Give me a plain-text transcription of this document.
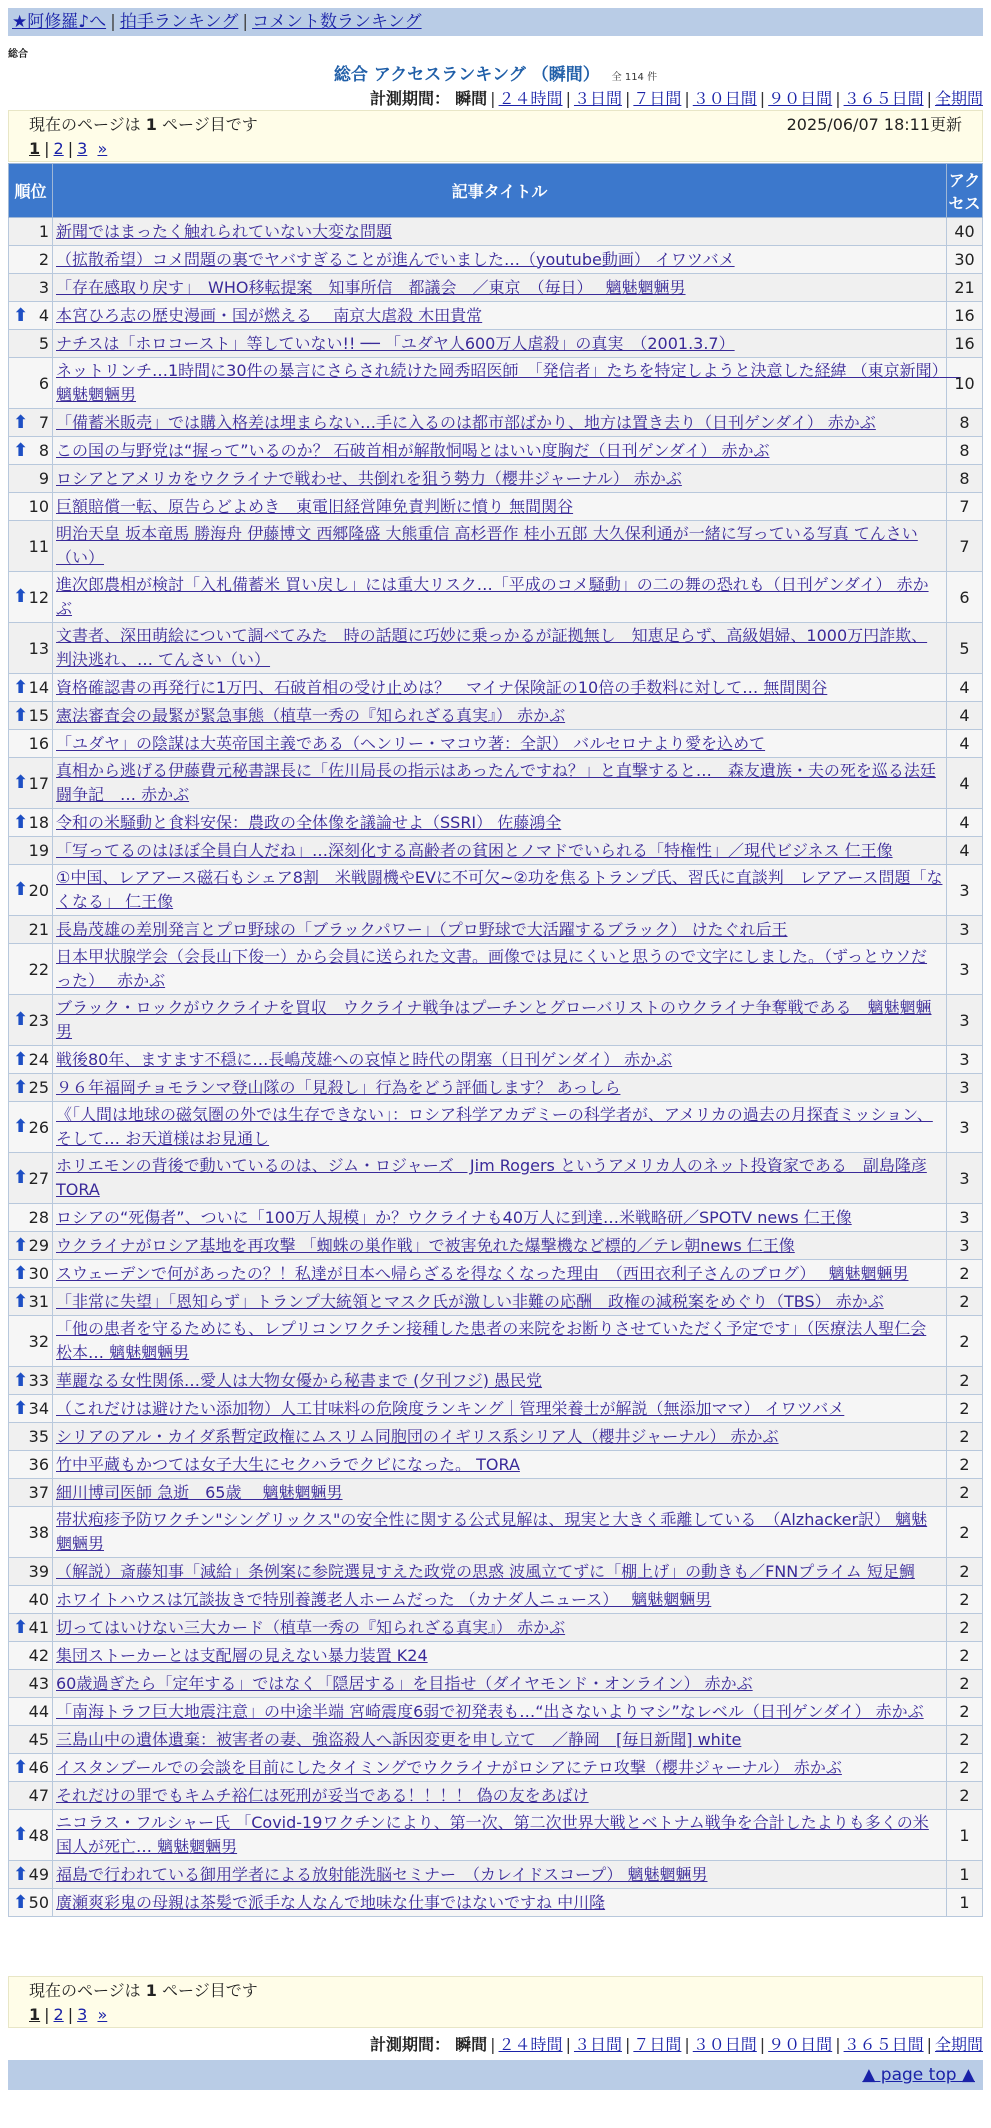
★阿修羅♪へ | 拍手ランキング | コメント数ランキング
総合
総合 アクセスランキング （瞬間） 全 114 件
計測期間： 瞬間 | ２４時間 | ３日間 | ７日間 | ３０日間 | ９０日間 | ３６５日間 | 全期間
現在のページは 1 ページ目です	2025/06/07 18:11更新
1 | 2 | 3 »
順位	記事タイトル	アクセス
1	新聞ではまったく触れられていない大変な問題	40
2	（拡散希望）コメ問題の裏でヤバすぎることが進んでいました…（youtube動画） イワツバメ	30
3	「存在感取り戻す」　WHO移転提案　知事所信　都議会　／東京　（毎日）　 魑魅魍魎男	21

⬆ 4	本宮ひろ志の歴史漫画・国が燃える　 南京大虐殺 木田貴常	16
5	ナチスは「ホロコースト」等していない!! ── 「ユダヤ人600万人虐殺」の真実　（2001.3.7）	16
6	ネットリンチ…1時間に30件の暴言にさらされ続けた岡秀昭医師　「発信者」たちを特定しようと決意した経緯 （東京新聞）　 魑魅魍魎男	10

⬆ 7	「備蓄米販売」では購入格差は埋まらない…手に入るのは都市部ばかり、地方は置き去り（日刊ゲンダイ） 赤かぶ	8

⬆ 8	この国の与野党は“握って”いるのか？ 石破首相が解散恫喝とはいい度胸だ（日刊ゲンダイ） 赤かぶ	8
9	ロシアとアメリカをウクライナで戦わせ、共倒れを狙う勢力（櫻井ジャーナル） 赤かぶ	8
10	巨額賠償一転、原告らどよめき　東電旧経営陣免責判断に憤り 無間関谷	7
11	明治天皇 坂本竜馬 勝海舟 伊藤博文 西郷隆盛 大熊重信 高杉晋作 桂小五郎 大久保利通が一緒に写っている写真 てんさい（い）	7

⬆ 12	進次郎農相が検討「入札備蓄米 買い戻し」には重大リスク…「平成のコメ騒動」の二の舞の恐れも（日刊ゲンダイ） 赤かぶ	6
13	文書者、深田萌絵について調べてみた　時の話題に巧妙に乗っかるが証拠無し　知恵足らず、高級娼婦、1000万円詐欺、判決逃れ、… てんさい（い）	5

⬆ 14	資格確認書の再発行に1万円、石破首相の受け止めは？　マイナ保険証の10倍の手数料に対して… 無間関谷	4

⬆ 15	憲法審査会の最緊が緊急事態（植草一秀の『知られざる真実』） 赤かぶ	4
16	「ユダヤ」の陰謀は大英帝国主義である（ヘンリー・マコウ著：全訳） バルセロナより愛を込めて	4

⬆ 17	真相から逃げる伊藤費元秘書課長に「佐川局長の指示はあったんですね？」と直撃すると…　森友遺族・夫の死を巡る法廷闘争記　… 赤かぶ	4

⬆ 18	令和の米騒動と食料安保：農政の全体像を議論せよ（SSRI） 佐藤鴻全	4
19	「写ってるのはほぼ全員白人だね」…深刻化する高齢者の貧困とノマドでいられる「特権性」／現代ビジネス 仁王像	4

⬆ 20	①中国、レアアース磁石もシェア8割　米戦闘機やEVに不可欠~②功を焦るトランプ氏、習氏に直談判　レアアース問題「なくなる」 仁王像	3
21	長島茂雄の差別発言とプロ野球の「ブラックパワー」（プロ野球で大活躍するブラック） けたぐれ后王	3
22	日本甲状腺学会（会長山下俊一）から会員に送られた文書。画像では見にくいと思うので文字にしました。（ずっとウソだった）　 赤かぶ	3

⬆ 23	ブラック・ロックがウクライナを買収　ウクライナ戦争はプーチンとグローバリストのウクライナ争奪戦である　魑魅魍魎男	3

⬆ 24	戦後80年、ますます不穏に…長嶋茂雄への哀悼と時代の閉塞（日刊ゲンダイ） 赤かぶ	3

⬆ 25	９６年福岡チョモランマ登山隊の「見殺し」行為をどう評価します？ あっしら	3

⬆ 26	《「人間は地球の磁気圏の外では生存できない」：ロシア科学アカデミーの科学者が、アメリカの過去の月探査ミッション、そして… お天道様はお見通し	3

⬆ 27	ホリエモンの背後で動いているのは、ジム・ロジャーズ　Jim Rogers というアメリカ人のネット投資家である　副島隆彦 TORA	3
28	ロシアの“死傷者”、ついに「100万人規模」か？ウクライナも40万人に到達…米戦略研／SPOTV news 仁王像	3

⬆ 29	ウクライナがロシア基地を再攻撃 「蜘蛛の巣作戦」で被害免れた爆撃機など標的／テレ朝news 仁王像	3

⬆ 30	スウェーデンで何があったの？！私達が日本へ帰らざるを得なくなった理由　（西田衣利子さんのブログ）　 魑魅魍魎男	2

⬆ 31	「非常に失望」「恩知らず」トランプ大統領とマスク氏が激しい非難の応酬　政権の減税案をめぐり（TBS） 赤かぶ	2
32	「他の患者を守るためにも、レプリコンワクチン接種した患者の来院をお断りさせていただく予定です」（医療法人聖仁会 松本… 魑魅魍魎男	2

⬆ 33	華麗なる女性関係…愛人は大物女優から秘書まで (夕刊フジ) 愚民党	2

⬆ 34	（これだけは避けたい添加物）人工甘味料の危険度ランキング｜管理栄養士が解説（無添加ママ） イワツバメ	2
35	シリアのアル・カイダ系暫定政権にムスリム同胞団のイギリス系シリア人（櫻井ジャーナル） 赤かぶ	2
36	竹中平蔵もかつては女子大生にセクハラでクビになった。 TORA	2
37	細川博司医師 急逝　65歳　 魑魅魍魎男	2
38	帯状疱疹予防ワクチン"シングリックス"の安全性に関する公式見解は、現実と大きく乖離している　（Alzhacker訳） 魑魅魍魎男	2
39	（解説）斎藤知事「減給」条例案に参院選見すえた政党の思惑 波風立てずに「棚上げ」の動きも／FNNプライム 短足鯛	2
40	ホワイトハウスは冗談抜きで特別養護老人ホームだった （カナダ人ニュース）　 魑魅魍魎男	2

⬆ 41	切ってはいけない三大カード（植草一秀の『知られざる真実』） 赤かぶ	2
42	集団ストーカーとは支配層の見えない暴力装置 K24	2
43	60歳過ぎたら「定年する」ではなく「隠居する」を目指せ（ダイヤモンド・オンライン） 赤かぶ	2
44	「南海トラフ巨大地震注意」の中途半端 宮崎震度6弱で初発表も…“出さないよりマシ”なレベル（日刊ゲンダイ） 赤かぶ	2
45	三島山中の遺体遺棄：被害者の妻、強盗殺人へ訴因変更を申し立て　／静岡　[毎日新聞] white	2

⬆ 46	イスタンブールでの会談を目前にしたタイミングでウクライナがロシアにテロ攻撃（櫻井ジャーナル） 赤かぶ	2
47	それだけの罪でもキムチ裕仁は死刑が妥当である！！！！ 偽の友をあばけ	2

⬆ 48	ニコラス・フルシャー氏 「Covid-19ワクチンにより、第一次、第二次世界大戦とベトナム戦争を合計したよりも多くの米国人が死亡… 魑魅魍魎男	1

⬆ 49	福島で行われている御用学者による放射能洗脳セミナー　（カレイドスコープ） 魑魅魍魎男	1

⬆ 50	廣瀬爽彩鬼の母親は茶髪で派手な人なんで地味な仕事ではないですね 中川隆	1
現在のページは 1 ページ目です
1 | 2 | 3 »
計測期間： 瞬間 | ２４時間 | ３日間 | ７日間 | ３０日間 | ９０日間 | ３６５日間 | 全期間
▲ page top ▲
